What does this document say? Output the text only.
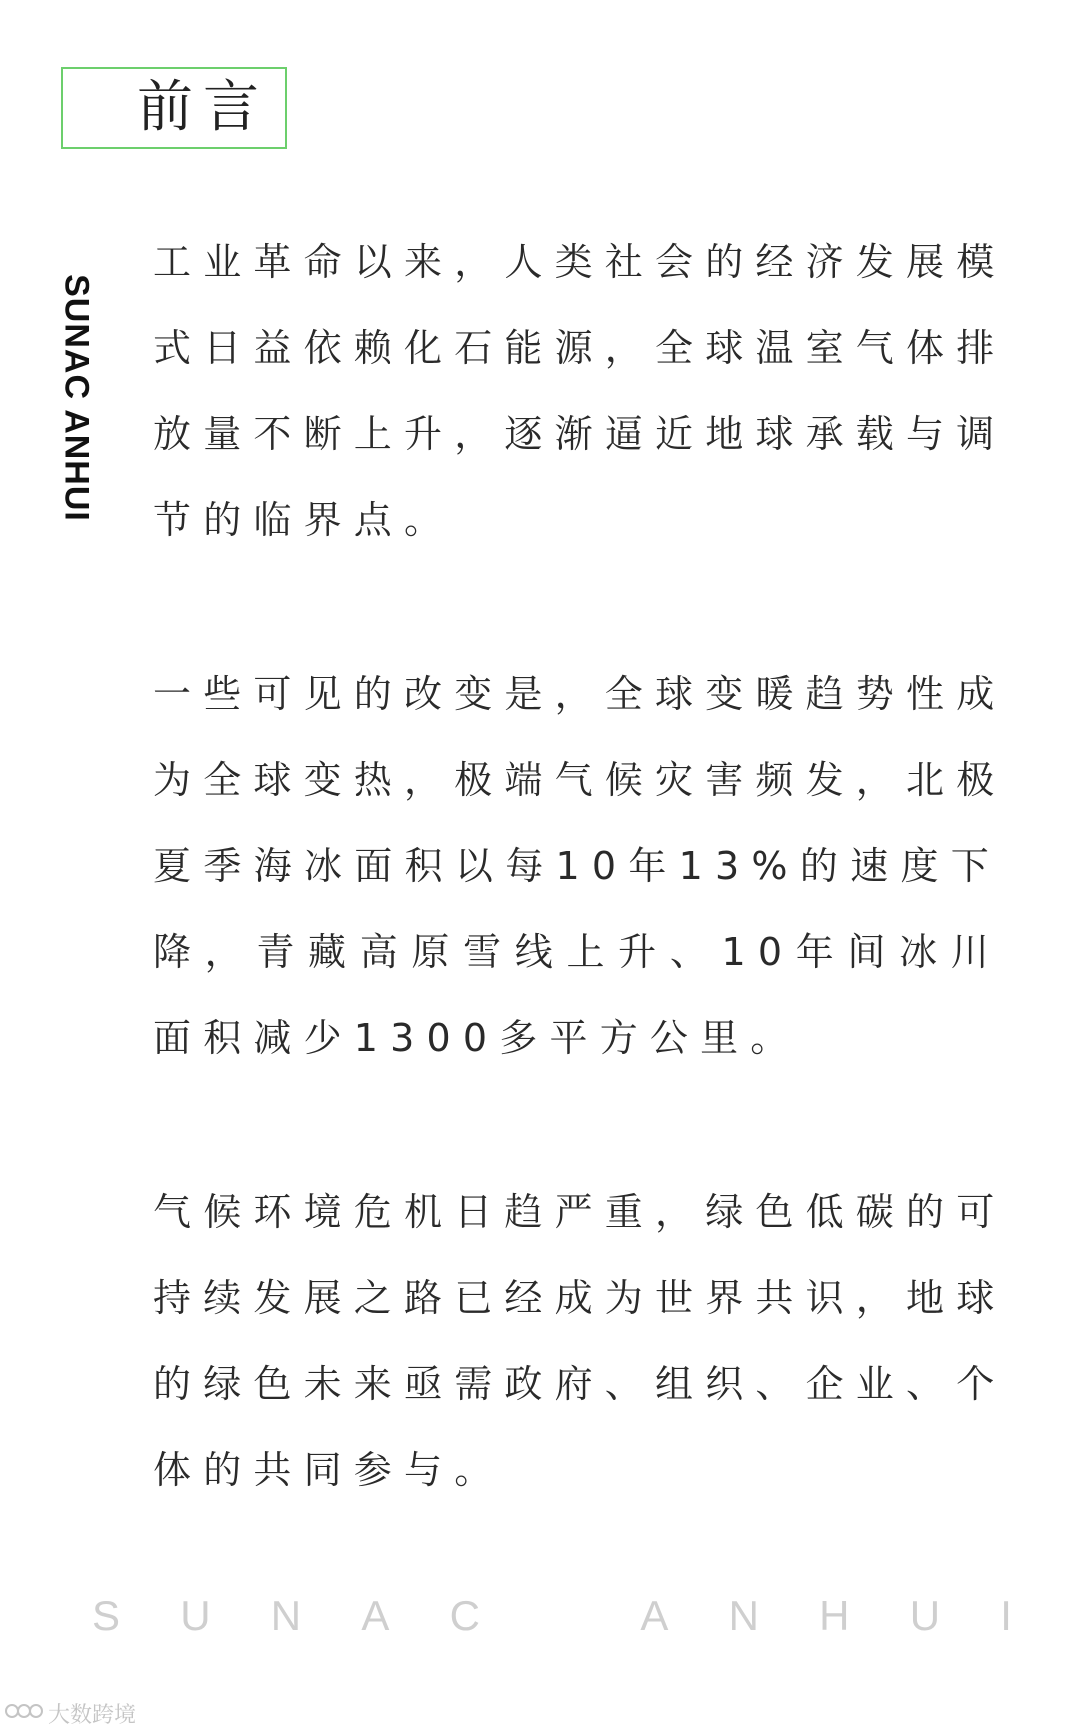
前言
SUNAC ANHUI
工业革命以来，人类社会的经济发展模
式日益依赖化石能源，全球温室气体排
放量不断上升，逐渐逼近地球承载与调
节的临界点。
一些可见的改变是，全球变暖趋势性成
为全球变热，极端气候灾害频发，北极
夏季海冰面积以每10年13%的速度下
降，青藏高原雪线上升、10年间冰川
面积减少1300多平方公里。
气候环境危机日趋严重，绿色低碳的可
持续发展之路已经成为世界共识，地球
的绿色未来亟需政府、组织、企业、个
体的共同参与。
S U N A C	A N H U I
大数跨境
